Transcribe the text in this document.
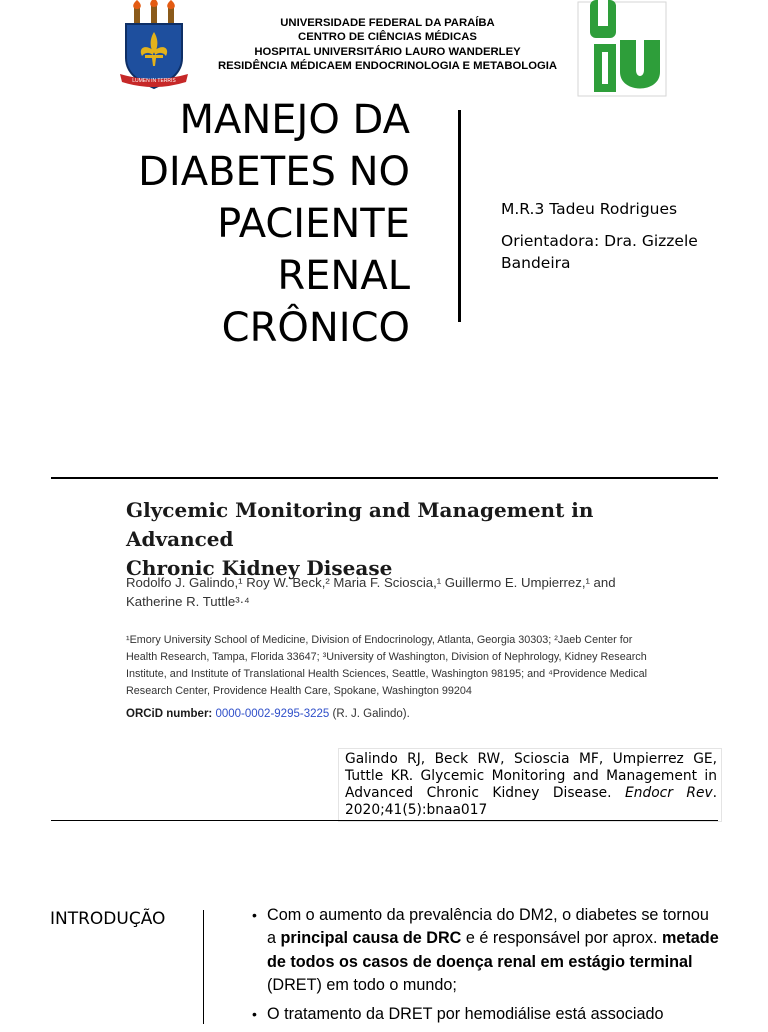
LUMEN IN TERRIS
UNIVERSIDADE FEDERAL DA PARAÍBA
CENTRO DE CIÊNCIAS MÉDICAS
HOSPITAL UNIVERSITÁRIO LAURO WANDERLEY
RESIDÊNCIA MÉDICAEM ENDOCRINOLOGIA E METABOLOGIA
MANEJO DA
DIABETES NO
PACIENTE
RENAL
CRÔNICO
M.R.3 Tadeu Rodrigues
Orientadora: Dra. Gizzele Bandeira
Glycemic Monitoring and Management in Advanced
Chronic Kidney Disease
Rodolfo J. Galindo,¹ Roy W. Beck,² Maria F. Scioscia,¹ Guillermo E. Umpierrez,¹ and
Katherine R. Tuttle³·⁴
¹Emory University School of Medicine, Division of Endocrinology, Atlanta, Georgia 30303; ²Jaeb Center for
Health Research, Tampa, Florida 33647; ³University of Washington, Division of Nephrology, Kidney Research
Institute, and Institute of Translational Health Sciences, Seattle, Washington 98195; and ⁴Providence Medical
Research Center, Providence Health Care, Spokane, Washington 99204
ORCiD number: 0000-0002-9295-3225 (R. J. Galindo).
Galindo RJ, Beck RW, Scioscia MF, Umpierrez GE, Tuttle KR. Glycemic Monitoring and Management in Advanced Chronic Kidney Disease. Endocr Rev. 2020;41(5):bnaa017
INTRODUÇÃO	• Com o aumento da prevalência do DM2, o diabetes se tornou a principal causa de DRC e é responsável por aprox. metade de todos os casos de doença renal em estágio terminal (DRET) em todo o mundo;
• O tratamento da DRET por hemodiálise está associado
